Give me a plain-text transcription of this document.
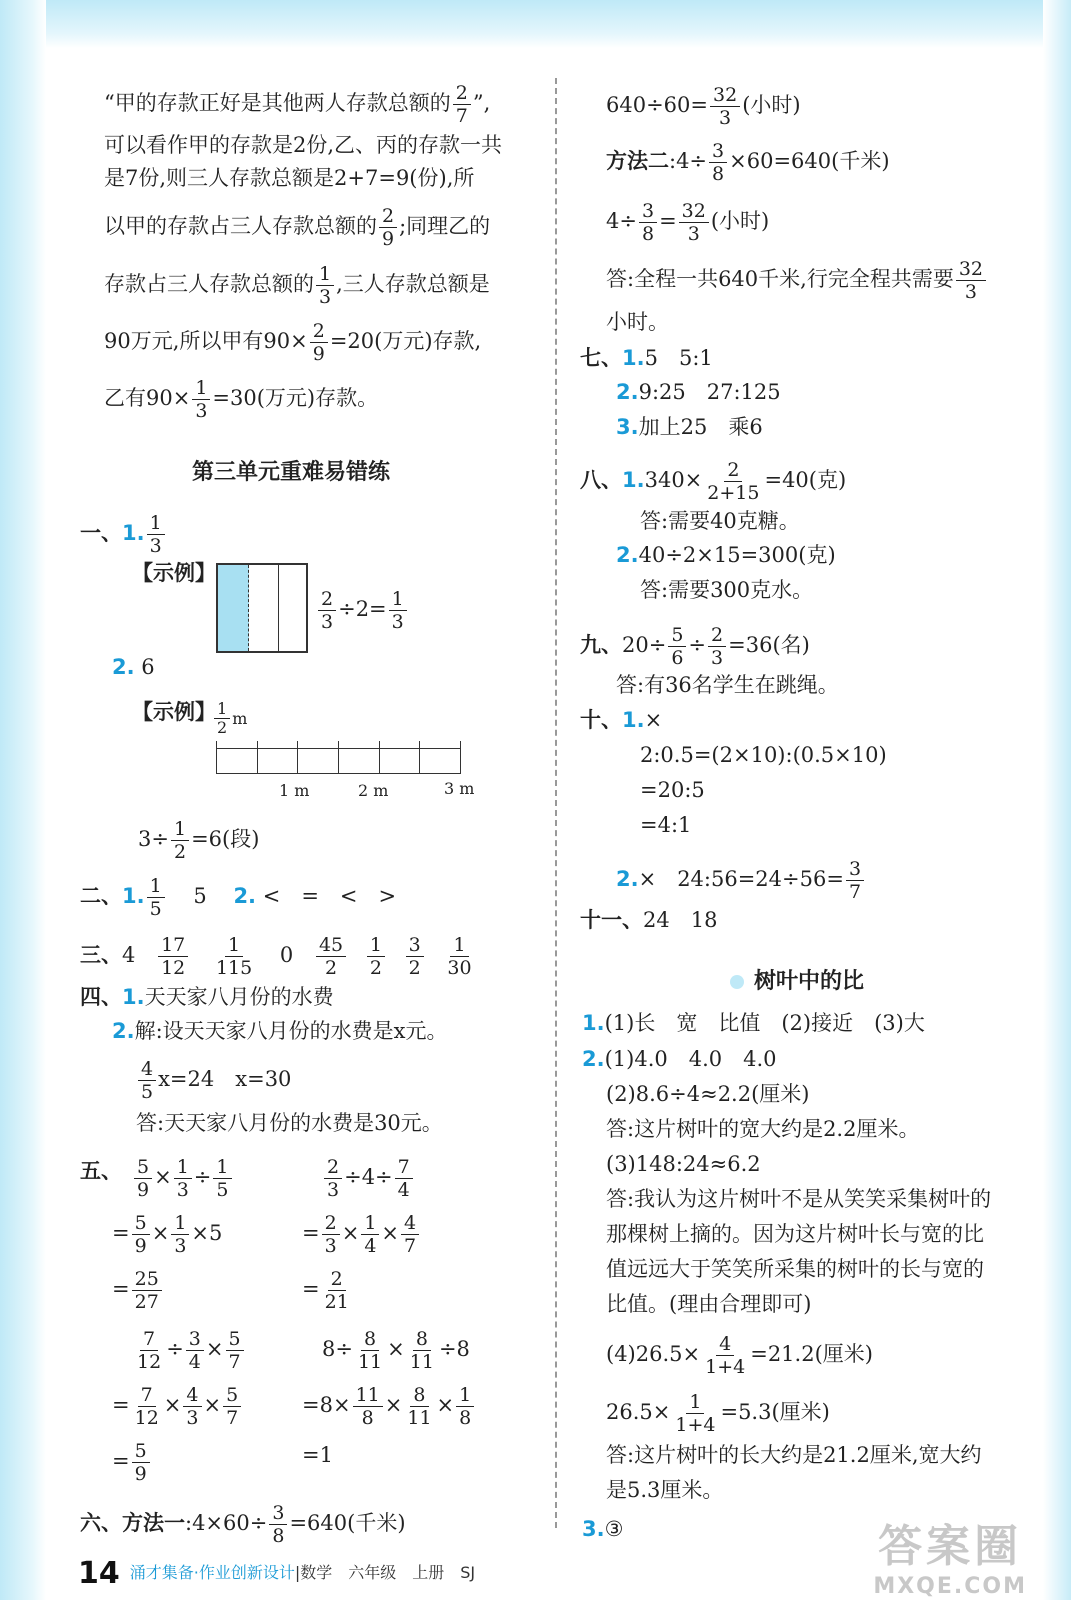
“甲的存款正好是其他两人存款总额的 $\frac{2}{7}$ ”,
可以看作甲的存款是2份,乙、丙的存款一共
是7份,则三人存款总额是2+7=9(份),所
以甲的存款占三人存款总额的 $\frac{2}{9}$ ;同理乙的
存款占三人存款总额的 $\frac{1}{3}$ ,三人存款总额是
90万元,所以甲有$90\times \frac{2}{9} =20$(万元)存款,
乙有$90\times \frac{1}{3} =30$(万元)存款。
第三单元重难易错练
一、1. $\frac{1}{3}$
【示例】
$\frac{2}{3} \div 2= \frac{1}{3}$
2. 6
【示例】
$\frac{1}{2}$ m
1 m	2 m	3 m
$3\div \frac{1}{2} =6$(段)
二、1. $\frac{1}{5} 5$ 2. <　=　<　>
三、$4 \frac{17}{12}$
$\frac{1}{115} 0 \frac{45}{2}$
$\frac{1}{2}$
$\frac{3}{2}$
$\frac{1}{30}$
四、1.天天家八月份的水费
2.解:设天天家八月份的水费是x元。
$\frac{4}{5} x=24$　x=30
答:天天家八月份的水费是30元。
五、 $\frac{5}{9} \times \frac{1}{3} \div \frac{1}{5}$
= $\frac{5}{9} \times \frac{1}{3} \times 5$
= $\frac{25}{27}$
$\frac{2}{3} \div 4\div \frac{7}{4}$
= $\frac{2}{3} \times \frac{1}{4} \times \frac{4}{7}$
= $\frac{2}{21}$
$\frac{7}{12} \div \frac{3}{4} \times \frac{5}{7}$
= $\frac{7}{12} \times \frac{4}{3} \times \frac{5}{7}$
= $\frac{5}{9}$
$8\div \frac{8}{11} \times \frac{8}{11} \div 8$
$=8\times \frac{11}{8} \times \frac{8}{11} \times \frac{1}{8}$
=1
六、方法一:4×60÷ $\frac{3}{8} =640$(千米)
$640\div 60= \frac{32}{3}$ (小时)
方法二:4÷ $\frac{3}{8} \times 60=640$(千米)
$4\div \frac{3}{8} = \frac{32}{3}$ (小时)
答:全程一共640千米,行完全程共需要 $\frac{32}{3}$
小时。
七、1.5　5:1
2.9:25　27:125
3.加上25　乘6
八、$1.340\times \frac{2}{2+15} =40$(克)
答:需要40克糖。
2.40÷2×15=300(克)
答:需要300克水。
九、$20\div \frac{5}{6} \div \frac{2}{3} =36$(名)
答:有36名学生在跳绳。
十、1.×
2:0.5=(2×10):(0.5×10)
=20:5
=4:1
2.×　24:56=24÷56= $\frac{3}{7}$
十一、24　18
树叶中的比
1.(1)长　宽　比值　(2)接近　(3)大
2.(1)4.0　4.0　4.0
(2)8.6÷4≈2.2(厘米)
答:这片树叶的宽大约是2.2厘米。
(3)148:24≈6.2
答:我认为这片树叶不是从笑笑采集树叶的
那棵树上摘的。因为这片树叶长与宽的比
值远远大于笑笑所采集的树叶的长与宽的
比值。(理由合理即可)
$(4)26.5\times \frac{4}{1+4} =21.2$(厘米)
$26.5\times \frac{1}{1+4} =5.3$(厘米)
答:这片树叶的长大约是21.2厘米,宽大约
是5.3厘米。
3.③
14 涌才集备·作业创新设计|数学　六年级　上册　SJ
答案圈
MXQE.COM
